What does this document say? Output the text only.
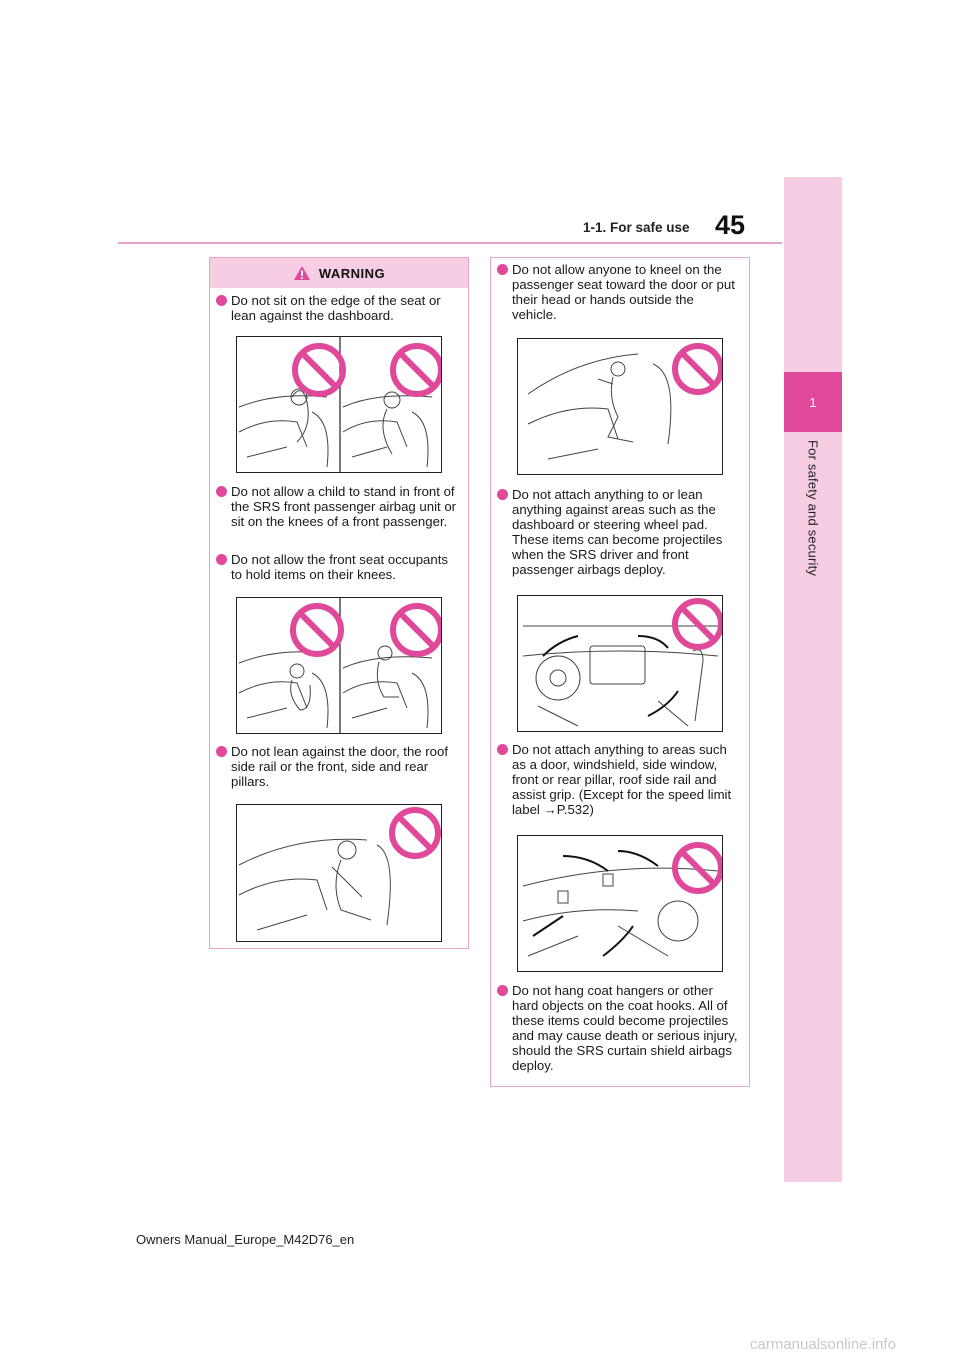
1-1. For safe use 45
1
For safety and security
WARNING
Do not sit on the edge of the seat or lean against the dashboard.
Do not allow a child to stand in front of the SRS front passenger airbag unit or sit on the knees of a front passenger.
Do not allow the front seat occupants to hold items on their knees.
Do not lean against the door, the roof side rail or the front, side and rear pillars.
Do not allow anyone to kneel on the passenger seat toward the door or put their head or hands outside the vehicle.
Do not attach anything to or lean anything against areas such as the dashboard or steering wheel pad. These items can become projectiles when the SRS driver and front passenger airbags deploy.
Do not attach anything to areas such as a door, windshield, side window, front or rear pillar, roof side rail and assist grip. (Except for the speed limit label →P.532)
Do not hang coat hangers or other hard objects on the coat hooks. All of these items could become projectiles and may cause death or serious injury, should the SRS curtain shield airbags deploy.
Owners Manual_Europe_M42D76_en
carmanualsonline.info
